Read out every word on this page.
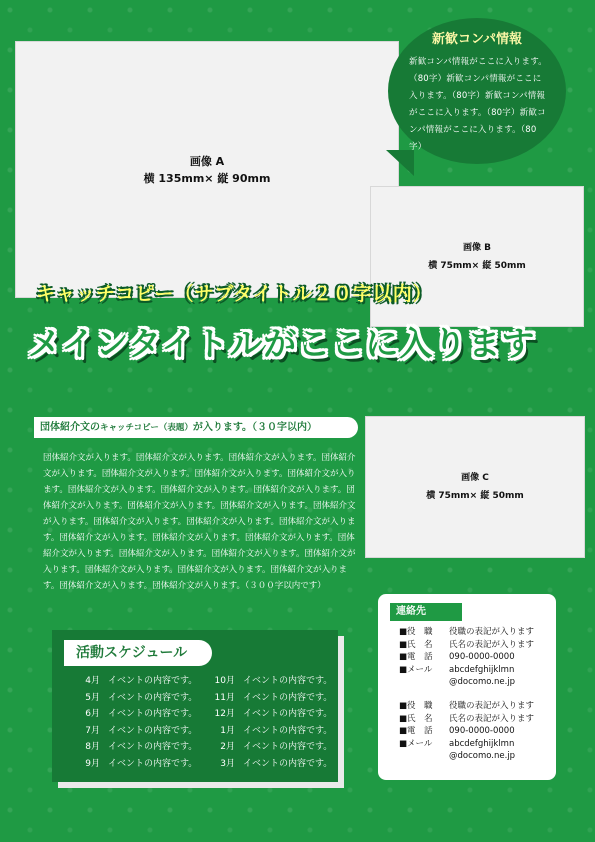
画像 A
横 135mm× 縦 90mm
新歓コンパ情報
新歓コンパ情報がここに入ります。（80字）新歓コンパ情報がここに入ります。（80字）新歓コンパ情報がここに入ります。（80字）新歓コンパ情報がここに入ります。（80字）
画像 B
横 75mm× 縦 50mm
キャッチコピー（サブタイトル２０字以内）
メインタイトルがここに入ります
団体紹介文のキャッチコピー（表題）が入ります。（３０字以内）
団体紹介文が入ります。団体紹介文が入ります。団体紹介文が入ります。団体紹介文が入ります。団体紹介文が入ります。団体紹介文が入ります。団体紹介文が入ります。団体紹介文が入ります。団体紹介文が入ります。団体紹介文が入ります。団体紹介文が入ります。団体紹介文が入ります。団体紹介文が入ります。団体紹介文が入ります。団体紹介文が入ります。団体紹介文が入ります。団体紹介文が入ります。団体紹介文が入ります。団体紹介文が入ります。団体紹介文が入ります。団体紹介文が入ります。団体紹介文が入ります。団体紹介文が入ります。団体紹介文が入ります。団体紹介文が入ります。団体紹介文が入ります。団体紹介文が入ります。団体紹介文が入ります。団体紹介文が入ります。（３００字以内です）
画像 C
横 75mm× 縦 50mm
活動スケジュール
4月 イベントの内容です。	10月 イベントの内容です。
5月 イベントの内容です。	11月 イベントの内容です。
6月 イベントの内容です。	12月 イベントの内容です。
7月 イベントの内容です。	1月 イベントの内容です。
8月 イベントの内容です。	2月 イベントの内容です。
9月 イベントの内容です。	3月 イベントの内容です。
連絡先
■役　職	役職の表記が入ります
■氏　名	氏名の表記が入ります
■電　話	090-0000-0000
■メール	abcdefghijklmn
@docomo.ne.jp
■役　職	役職の表記が入ります
■氏　名	氏名の表記が入ります
■電　話	090-0000-0000
■メール	abcdefghijklmn
@docomo.ne.jp
